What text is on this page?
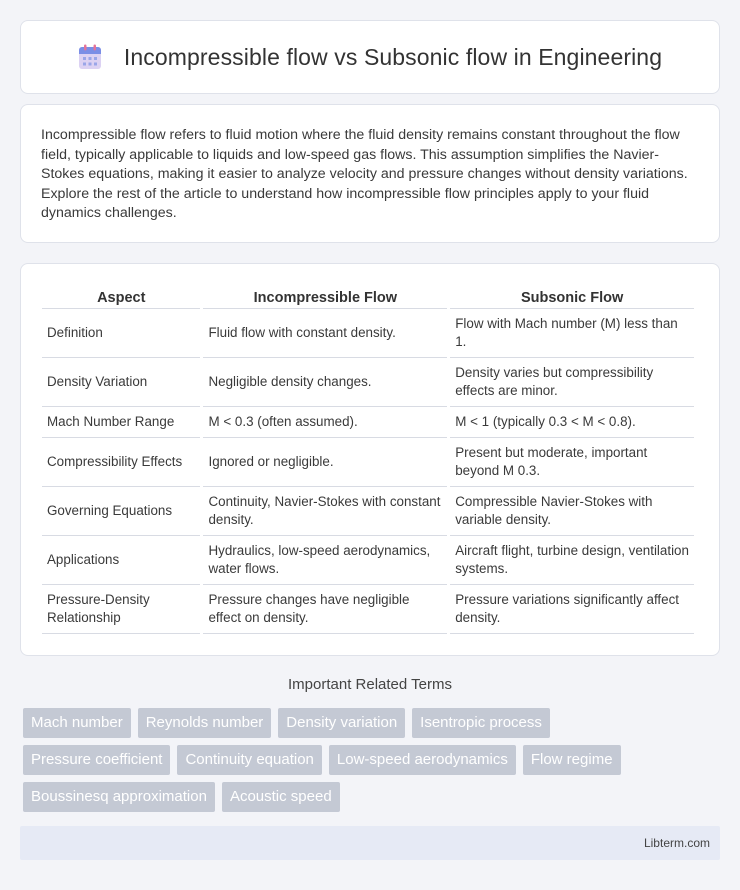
Incompressible flow vs Subsonic flow in Engineering

Incompressible flow refers to fluid motion where the fluid density remains constant throughout the flow field, typically applicable to liquids and low-speed gas flows. This assumption simplifies the Navier-Stokes equations, making it easier to analyze velocity and pressure changes without density variations. Explore the rest of the article to understand how incompressible flow principles apply to your fluid dynamics challenges.

Aspect	Incompressible Flow	Subsonic Flow
Definition	Fluid flow with constant density.	Flow with Mach number (M) less than 1.
Density Variation	Negligible density changes.	Density varies but compressibility effects are minor.
Mach Number Range	M < 0.3 (often assumed).	M < 1 (typically 0.3 < M < 0.8).
Compressibility Effects	Ignored or negligible.	Present but moderate, important beyond M 0.3.
Governing Equations	Continuity, Navier-Stokes with constant density.	Compressible Navier-Stokes with variable density.
Applications	Hydraulics, low-speed aerodynamics, water flows.	Aircraft flight, turbine design, ventilation systems.
Pressure-Density Relationship	Pressure changes have negligible effect on density.	Pressure variations significantly affect density.
Important Related Terms
Mach number	Reynolds number	Density variation	Isentropic process
Pressure coefficient	Continuity equation	Low-speed aerodynamics	Flow regime
Boussinesq approximation	Acoustic speed
Libterm.com
